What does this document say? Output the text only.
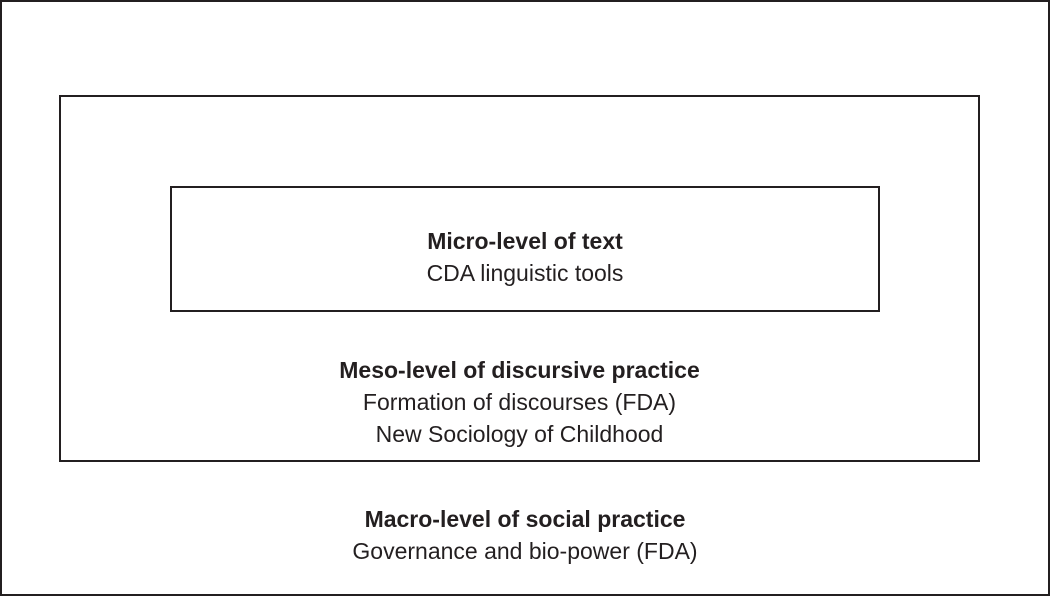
Micro-level of text
CDA linguistic tools
Meso-level of discursive practice
Formation of discourses (FDA)
New Sociology of Childhood
Macro-level of social practice
Governance and bio-power (FDA)
